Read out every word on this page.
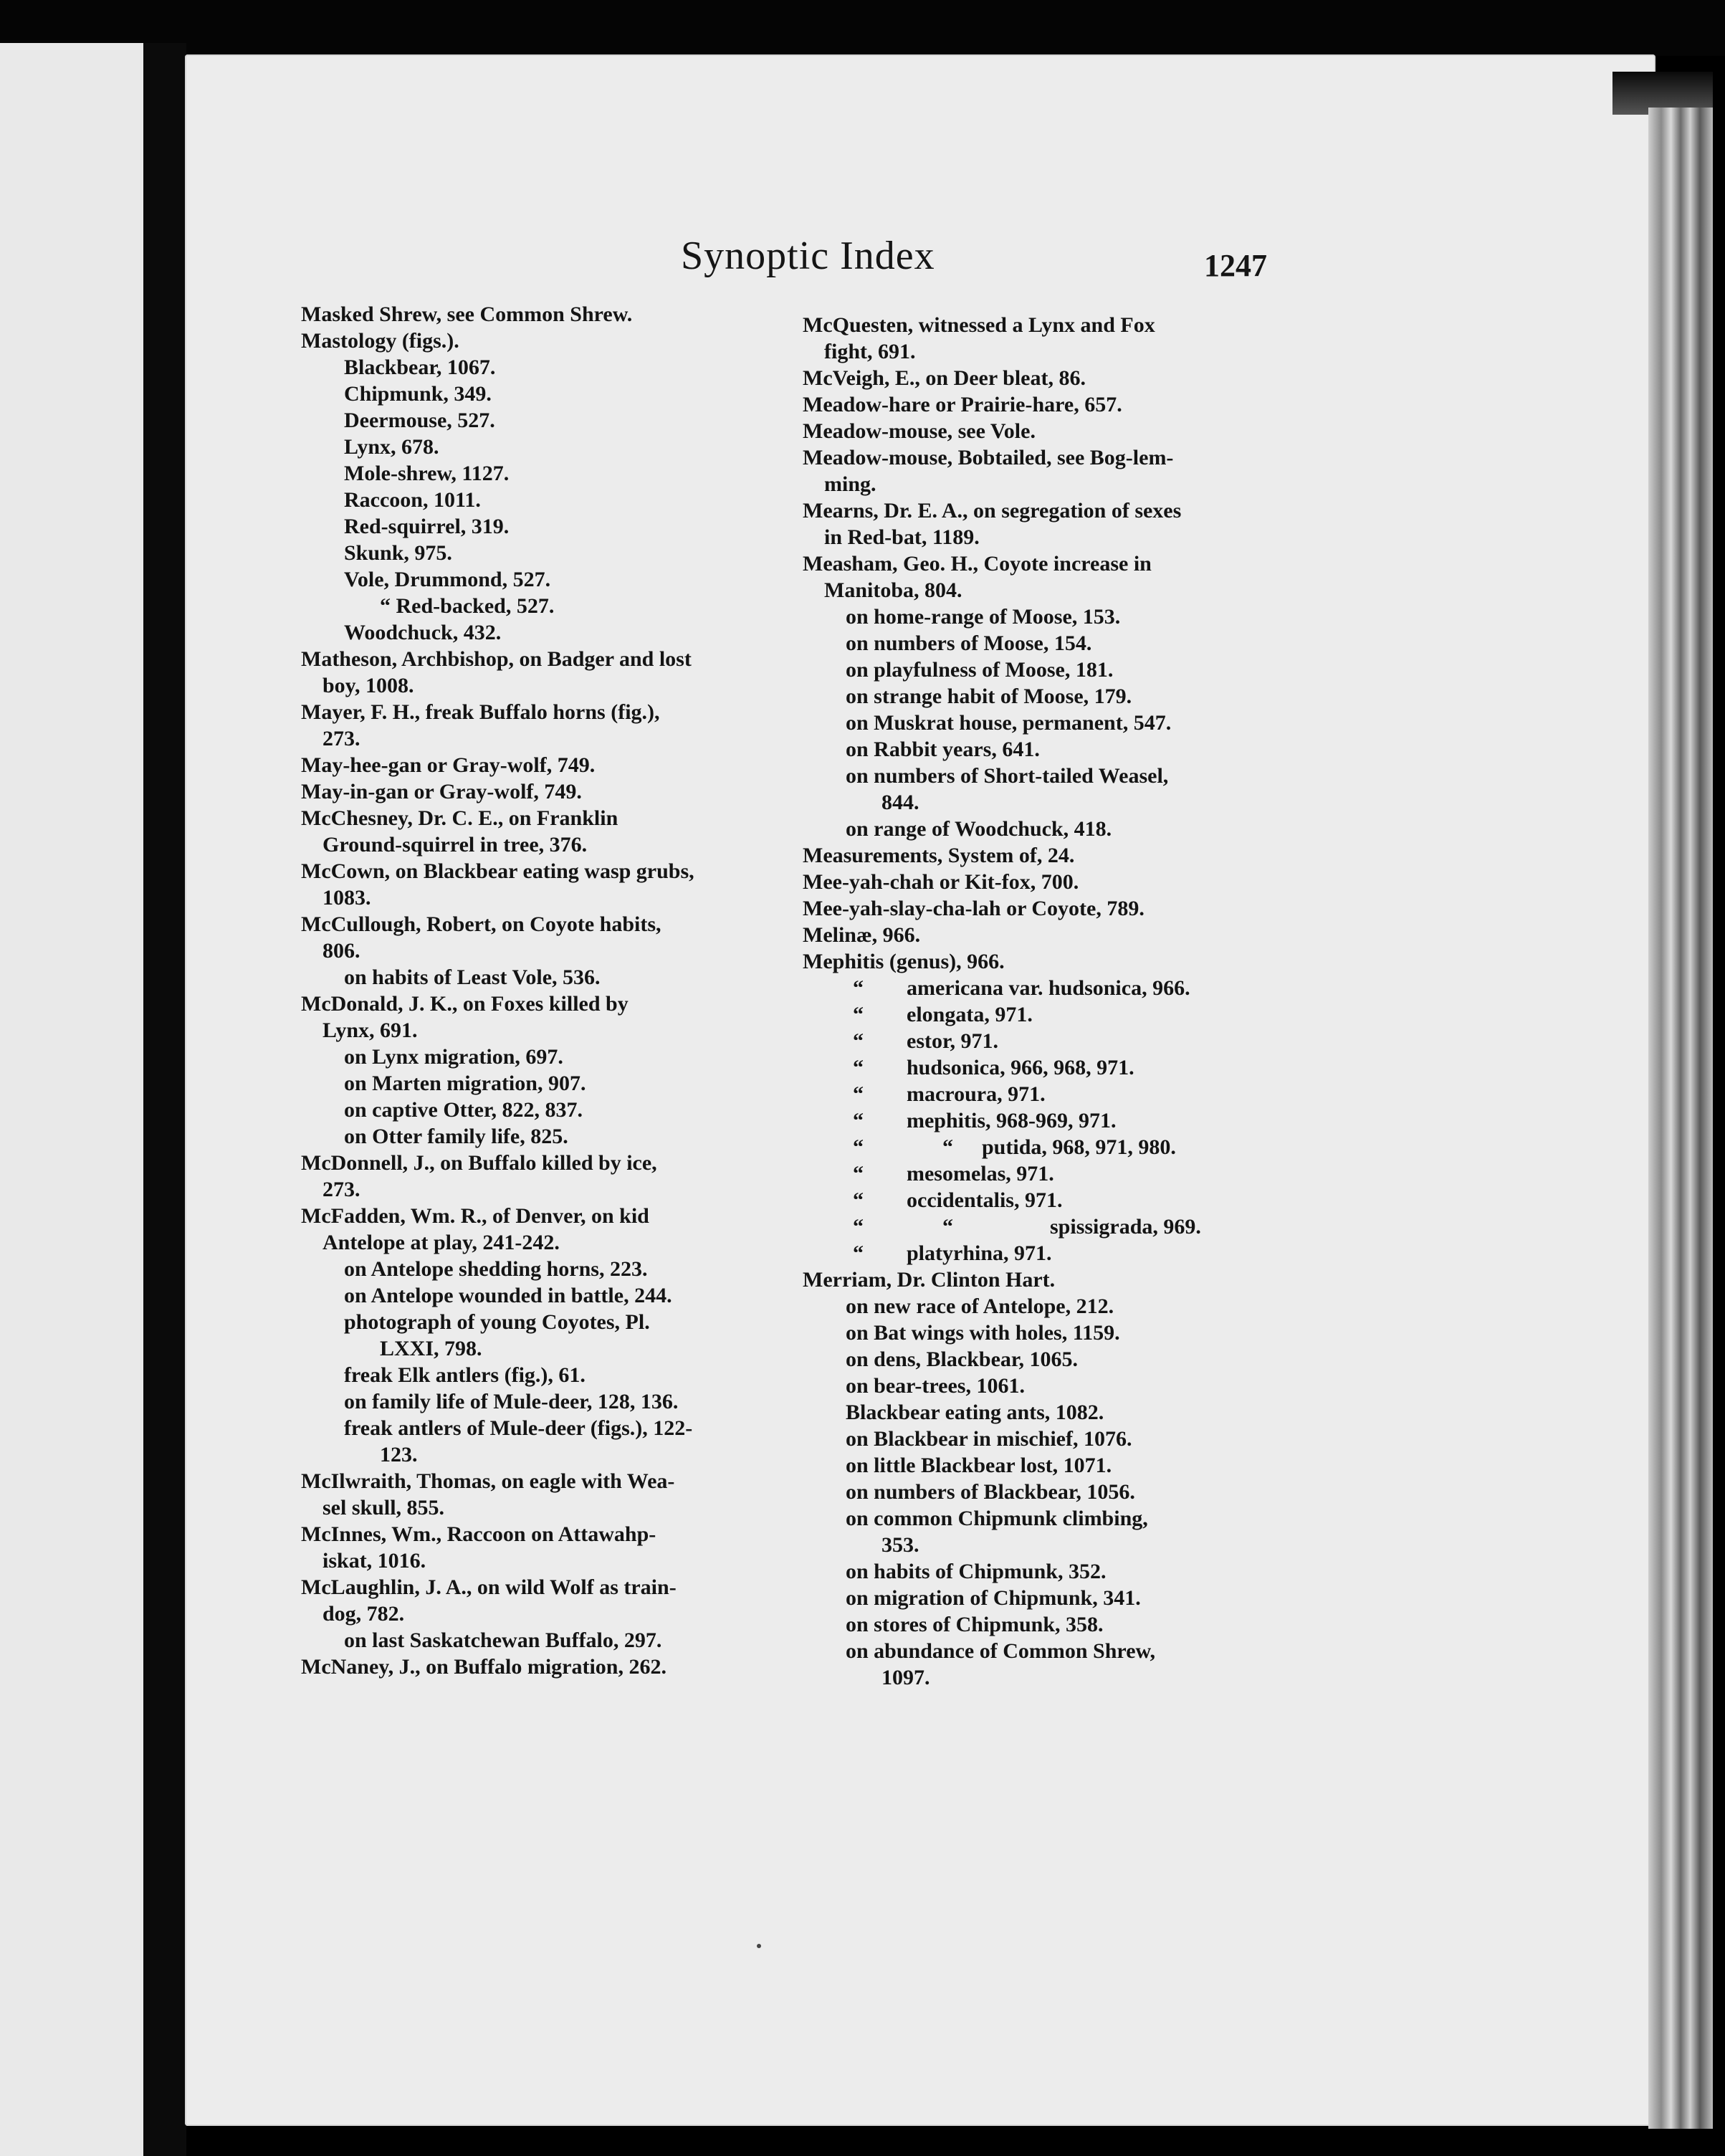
Synoptic Index	1247
Masked Shrew, see Common Shrew.
Mastology (figs.).
Blackbear, 1067.
Chipmunk, 349.
Deermouse, 527.
Lynx, 678.
Mole-shrew, 1127.
Raccoon, 1011.
Red-squirrel, 319.
Skunk, 975.
Vole, Drummond, 527.
“ Red-backed, 527.
Woodchuck, 432.
Matheson, Archbishop, on Badger and lost
boy, 1008.
Mayer, F. H., freak Buffalo horns (fig.),
273.
May-hee-gan or Gray-wolf, 749.
May-in-gan or Gray-wolf, 749.
McChesney, Dr. C. E., on Franklin
Ground-squirrel in tree, 376.
McCown, on Blackbear eating wasp grubs,
1083.
McCullough, Robert, on Coyote habits,
806.
on habits of Least Vole, 536.
McDonald, J. K., on Foxes killed by
Lynx, 691.
on Lynx migration, 697.
on Marten migration, 907.
on captive Otter, 822, 837.
on Otter family life, 825.
McDonnell, J., on Buffalo killed by ice,
273.
McFadden, Wm. R., of Denver, on kid
Antelope at play, 241-242.
on Antelope shedding horns, 223.
on Antelope wounded in battle, 244.
photograph of young Coyotes, Pl.
LXXI, 798.
freak Elk antlers (fig.), 61.
on family life of Mule-deer, 128, 136.
freak antlers of Mule-deer (figs.), 122-
123.
McIlwraith, Thomas, on eagle with Wea-
sel skull, 855.
McInnes, Wm., Raccoon on Attawahp-
iskat, 1016.
McLaughlin, J. A., on wild Wolf as train-
dog, 782.
on last Saskatchewan Buffalo, 297.
McNaney, J., on Buffalo migration, 262.
McQuesten, witnessed a Lynx and Fox
fight, 691.
McVeigh, E., on Deer bleat, 86.
Meadow-hare or Prairie-hare, 657.
Meadow-mouse, see Vole.
Meadow-mouse, Bobtailed, see Bog-lem-
ming.
Mearns, Dr. E. A., on segregation of sexes
in Red-bat, 1189.
Measham, Geo. H., Coyote increase in
Manitoba, 804.
on home-range of Moose, 153.
on numbers of Moose, 154.
on playfulness of Moose, 181.
on strange habit of Moose, 179.
on Muskrat house, permanent, 547.
on Rabbit years, 641.
on numbers of Short-tailed Weasel,
844.
on range of Woodchuck, 418.
Measurements, System of, 24.
Mee-yah-chah or Kit-fox, 700.
Mee-yah-slay-cha-lah or Coyote, 789.
Melinæ, 966.
Mephitis (genus), 966.
“ americana var. hudsonica, 966.
“ elongata, 971.
“ estor, 971.
“ hudsonica, 966, 968, 971.
“ macroura, 971.
“ mephitis, 968-969, 971.
“	“ putida, 968, 971, 980.
“ mesomelas, 971.
“ occidentalis, 971.
“	“	spissigrada, 969.
“ platyrhina, 971.
Merriam, Dr. Clinton Hart.
on new race of Antelope, 212.
on Bat wings with holes, 1159.
on dens, Blackbear, 1065.
on bear-trees, 1061.
Blackbear eating ants, 1082.
on Blackbear in mischief, 1076.
on little Blackbear lost, 1071.
on numbers of Blackbear, 1056.
on common Chipmunk climbing,
353.
on habits of Chipmunk, 352.
on migration of Chipmunk, 341.
on stores of Chipmunk, 358.
on abundance of Common Shrew,
1097.
